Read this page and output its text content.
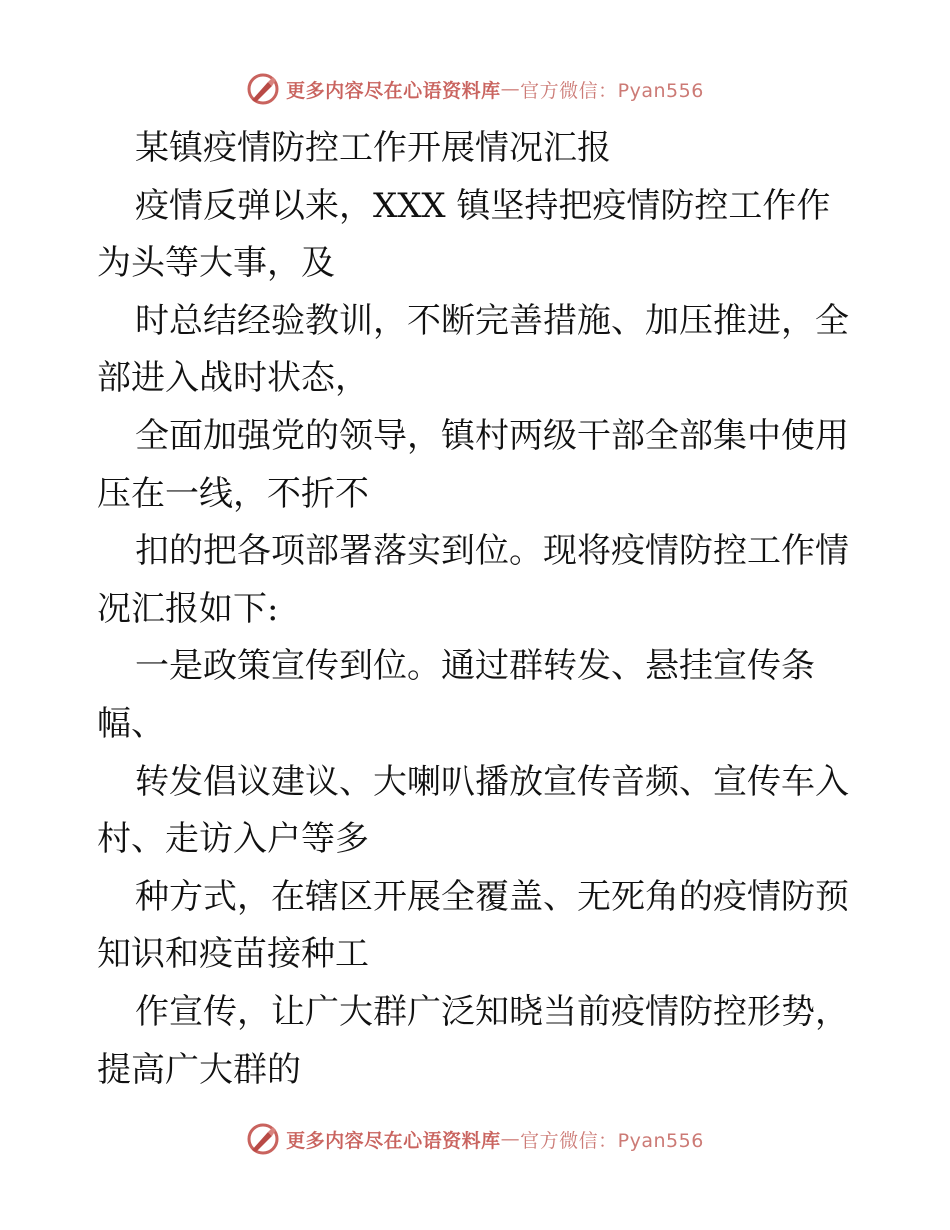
更多内容尽在心语资料库 — 官方微信：Pyan556

某镇疫情防控工作开展情况汇报

疫情反弹以来，XXX 镇坚持把疫情防控工作作为头等大事，及

时总结经验教训，不断完善措施、加压推进，全部进入战时状态，

全面加强党的领导，镇村两级干部全部集中使用压在一线，不折不

扣的把各项部署落实到位。现将疫情防控工作情况汇报如下:

一是政策宣传到位。通过群转发、悬挂宣传条幅、

转发倡议建议、大喇叭播放宣传音频、宣传车入村、走访入户等多

种方式，在辖区开展全覆盖、无死角的疫情防预知识和疫苗接种工

作宣传，让广大群广泛知晓当前疫情防控形势，提高广大群的

更多内容尽在心语资料库 — 官方微信：Pyan556
